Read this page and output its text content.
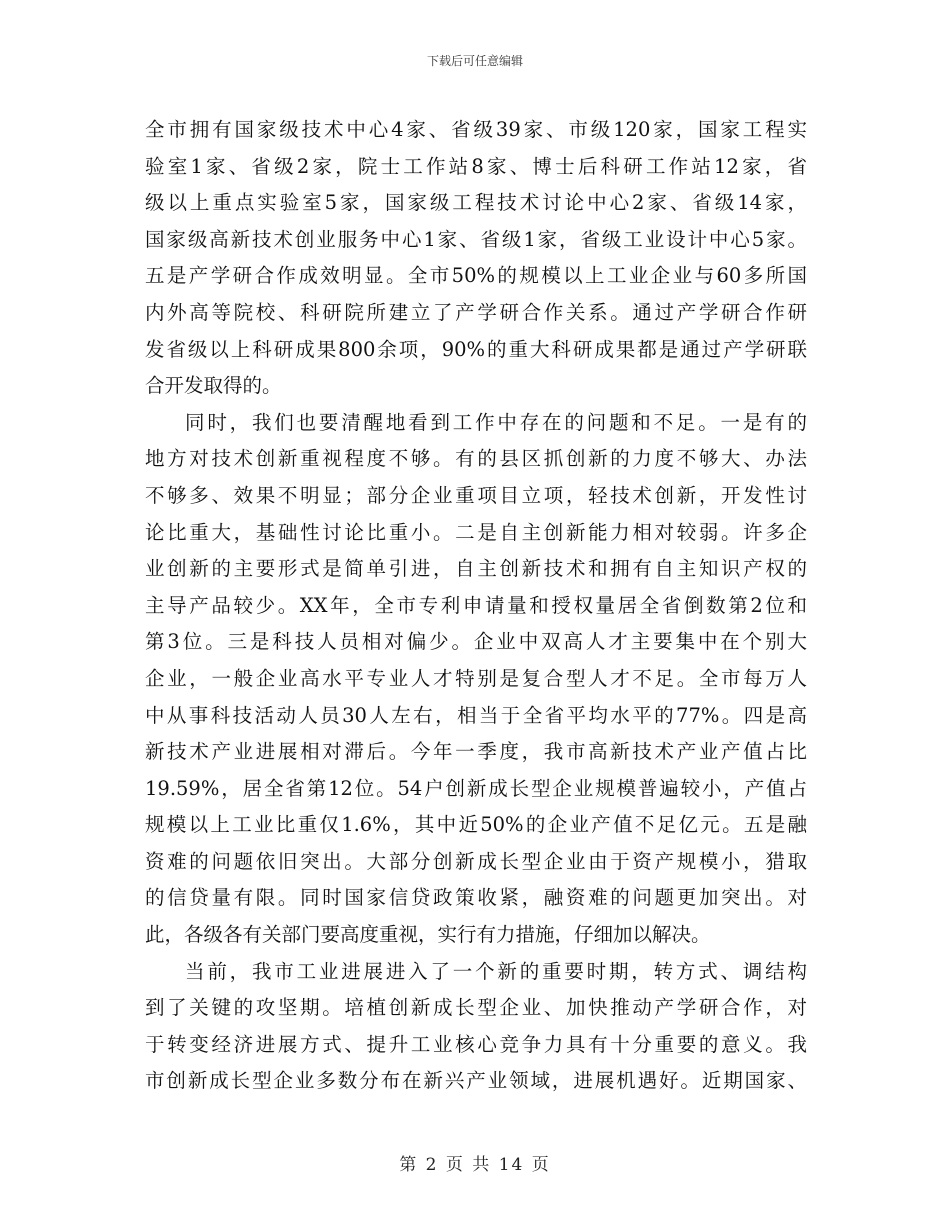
下载后可任意编辑
全市拥有国家级技术中心4家、省级39家、市级120家，国家工程实
验室1家、省级2家，院士工作站8家、博士后科研工作站12家，省
级以上重点实验室5家，国家级工程技术讨论中心2家、省级14家，
国家级高新技术创业服务中心1家、省级1家，省级工业设计中心5家。
五是产学研合作成效明显。全市50%的规模以上工业企业与60多所国
内外高等院校、科研院所建立了产学研合作关系。通过产学研合作研
发省级以上科研成果800余项，90%的重大科研成果都是通过产学研联
合开发取得的。
同时，我们也要清醒地看到工作中存在的问题和不足。一是有的
地方对技术创新重视程度不够。有的县区抓创新的力度不够大、办法
不够多、效果不明显；部分企业重项目立项，轻技术创新，开发性讨
论比重大，基础性讨论比重小。二是自主创新能力相对较弱。许多企
业创新的主要形式是简单引进，自主创新技术和拥有自主知识产权的
主导产品较少。XX年，全市专利申请量和授权量居全省倒数第2位和
第3位。三是科技人员相对偏少。企业中双高人才主要集中在个别大
企业，一般企业高水平专业人才特别是复合型人才不足。全市每万人
中从事科技活动人员30人左右，相当于全省平均水平的77%。四是高
新技术产业进展相对滞后。今年一季度，我市高新技术产业产值占比
19.59%，居全省第12位。54户创新成长型企业规模普遍较小，产值占
规模以上工业比重仅1.6%，其中近50%的企业产值不足亿元。五是融
资难的问题依旧突出。大部分创新成长型企业由于资产规模小，猎取
的信贷量有限。同时国家信贷政策收紧，融资难的问题更加突出。对
此，各级各有关部门要高度重视，实行有力措施，仔细加以解决。
当前，我市工业进展进入了一个新的重要时期，转方式、调结构
到了关键的攻坚期。培植创新成长型企业、加快推动产学研合作，对
于转变经济进展方式、提升工业核心竞争力具有十分重要的意义。我
市创新成长型企业多数分布在新兴产业领域，进展机遇好。近期国家、
第 2 页 共 14 页
